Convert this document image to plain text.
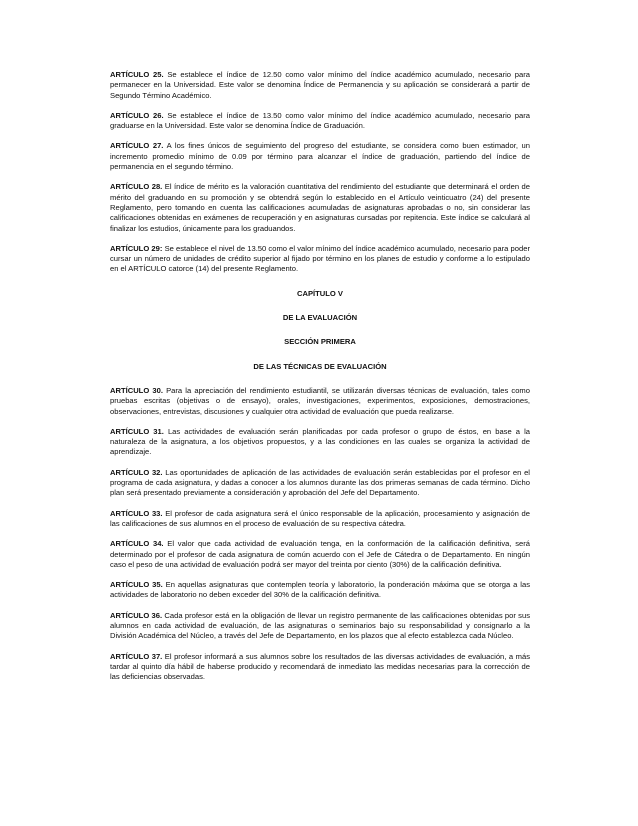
ARTÍCULO 25. Se establece el índice de 12.50 como valor mínimo del índice académico acumulado, necesario para permanecer en la Universidad. Este valor se denomina Índice de Permanencia y su aplicación se considerará a partir de Segundo Término Académico.

ARTÍCULO 26. Se establece el índice de 13.50 como valor mínimo del índice académico acumulado, necesario para graduarse en la Universidad. Este valor se denomina Índice de Graduación.

ARTÍCULO 27. A los fines únicos de seguimiento del progreso del estudiante, se considera como buen estimador, un incremento promedio mínimo de 0.09 por término para alcanzar el índice de graduación, partiendo del índice de permanencia en el segundo término.

ARTÍCULO 28. El índice de mérito es la valoración cuantitativa del rendimiento del estudiante que determinará el orden de mérito del graduando en su promoción y se obtendrá según lo establecido en el Artículo veinticuatro (24) del presente Reglamento, pero tomando en cuenta las calificaciones acumuladas de asignaturas aprobadas o no, sin considerar las calificaciones obtenidas en exámenes de recuperación y en asignaturas cursadas por repitencia. Este índice se calculará al finalizar los estudios, únicamente para los graduandos.

ARTÍCULO 29: Se establece el nivel de 13.50 como el valor mínimo del índice académico acumulado, necesario para poder cursar un número de unidades de crédito superior al fijado por término en los planes de estudio y conforme a lo estipulado en el ARTÍCULO catorce (14) del presente Reglamento.

CAPÍTULO V
DE LA EVALUACIÓN
SECCIÓN PRIMERA
DE LAS TÉCNICAS DE EVALUACIÓN

ARTÍCULO 30. Para la apreciación del rendimiento estudiantil, se utilizarán diversas técnicas de evaluación, tales como pruebas escritas (objetivas o de ensayo), orales, investigaciones, experimentos, exposiciones, demostraciones, observaciones, entrevistas, discusiones y cualquier otra actividad de evaluación que pueda realizarse.

ARTÍCULO 31. Las actividades de evaluación serán planificadas por cada profesor o grupo de éstos, en base a la naturaleza de la asignatura, a los objetivos propuestos, y a las condiciones en las cuales se organiza la actividad de aprendizaje.

ARTÍCULO 32. Las oportunidades de aplicación de las actividades de evaluación serán establecidas por el profesor en el programa de cada asignatura, y dadas a conocer a los alumnos durante las dos primeras semanas de cada término. Dicho plan será presentado previamente a consideración y aprobación del Jefe del Departamento.

ARTÍCULO 33. El profesor de cada asignatura será el único responsable de la aplicación, procesamiento y asignación de las calificaciones de sus alumnos en el proceso de evaluación de su respectiva cátedra.

ARTÍCULO 34. El valor que cada actividad de evaluación tenga, en la conformación de la calificación definitiva, será determinado por el profesor de cada asignatura de común acuerdo con el Jefe de Cátedra o de Departamento. En ningún caso el peso de una actividad de evaluación podrá ser mayor del treinta por ciento (30%) de la calificación definitiva.

ARTÍCULO 35. En aquellas asignaturas que contemplen teoría y laboratorio, la ponderación máxima que se otorga a las actividades de laboratorio no deben exceder del 30% de la calificación definitiva.

ARTÍCULO 36. Cada profesor está en la obligación de llevar un registro permanente de las calificaciones obtenidas por sus alumnos en cada actividad de evaluación, de las asignaturas o seminarios bajo su responsabilidad y consignarlo a la División Académica del Núcleo, a través del Jefe de Departamento, en los plazos que al efecto establezca cada Núcleo.

ARTÍCULO 37. El profesor informará a sus alumnos sobre los resultados de las diversas actividades de evaluación, a más tardar al quinto día hábil de haberse producido y recomendará de inmediato las medidas necesarias para la corrección de las deficiencias observadas.
